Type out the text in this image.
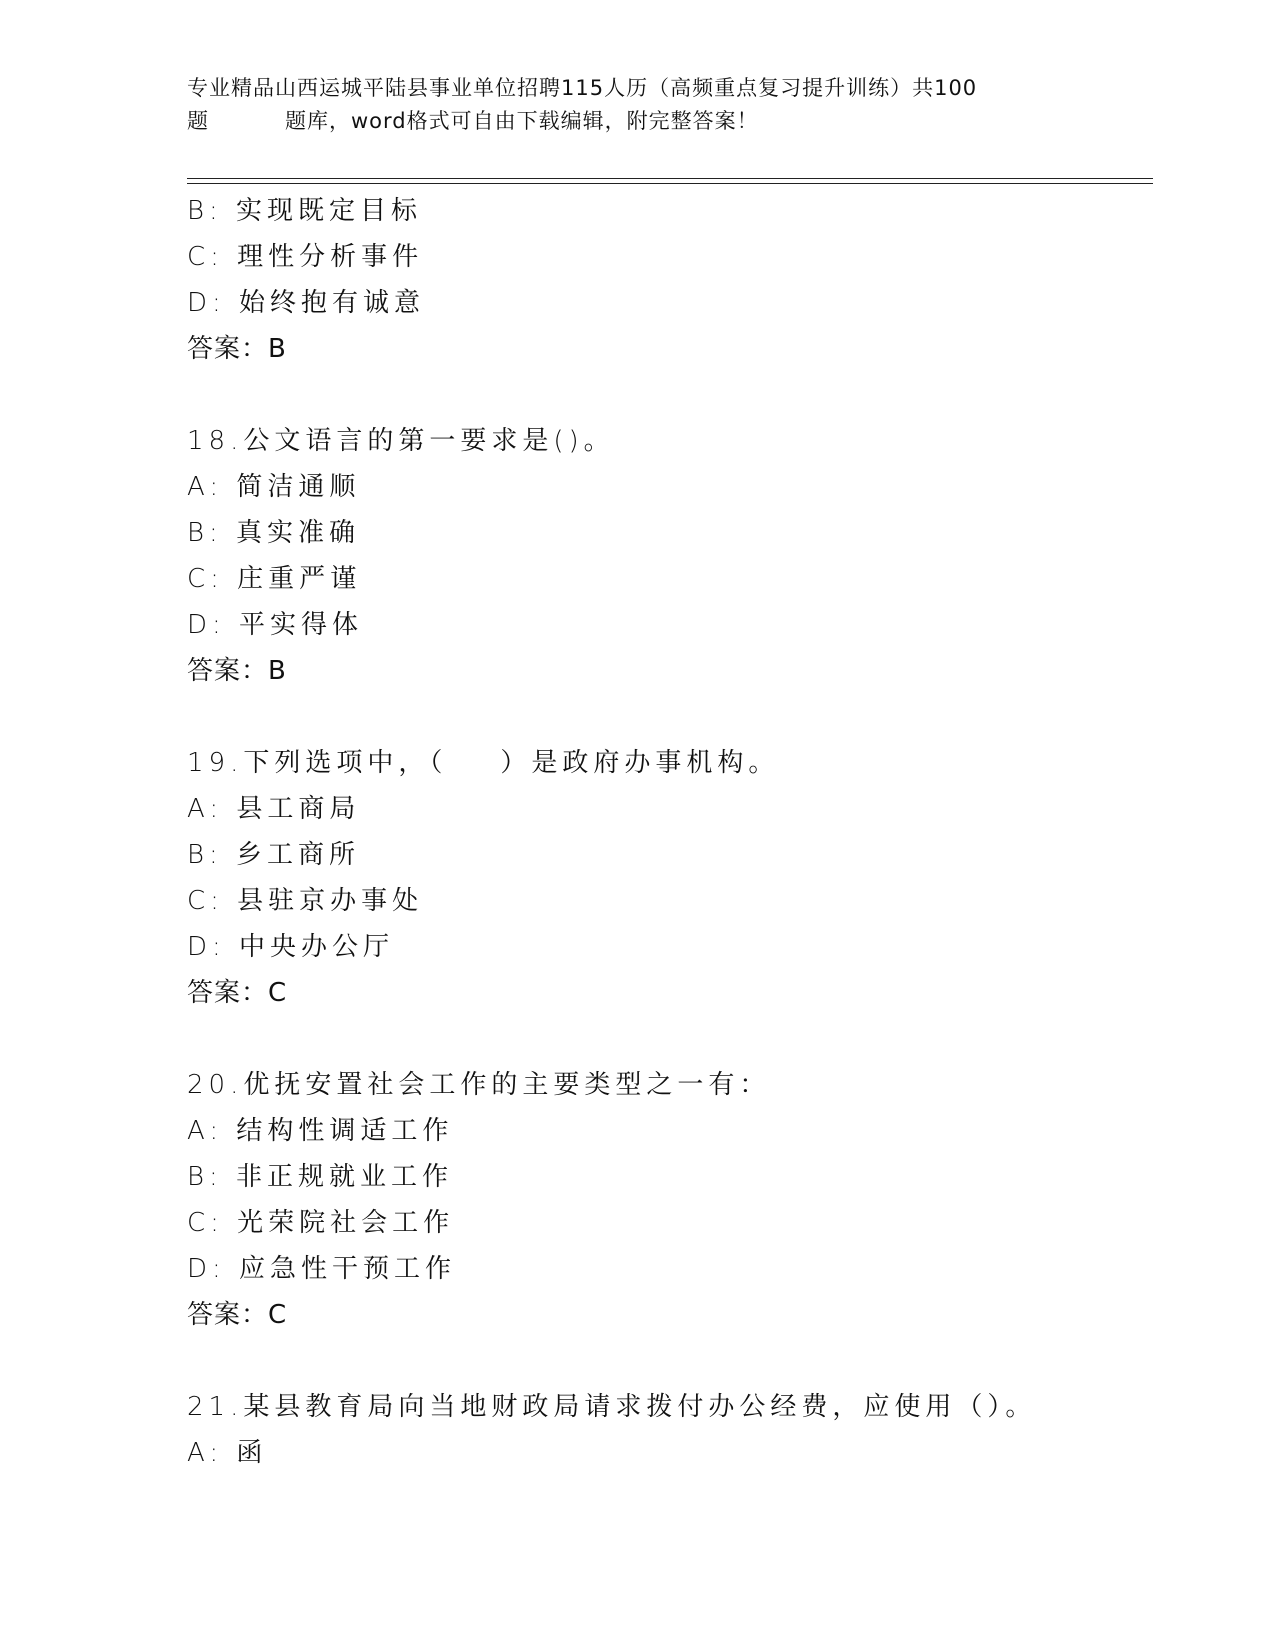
专业精品山西运城平陆县事业单位招聘115人历（高频重点复习提升训练）共100
题	题库，word格式可自由下载编辑，附完整答案！
B: 实现既定目标
C: 理性分析事件
D: 始终抱有诚意
答案：B
18.公文语言的第一要求是()。
A: 简洁通顺
B: 真实准确
C: 庄重严谨
D: 平实得体
答案：B
19.下列选项中，（    ）是政府办事机构。
A: 县工商局
B: 乡工商所
C: 县驻京办事处
D: 中央办公厅
答案：C
20.优抚安置社会工作的主要类型之一有：
A: 结构性调适工作
B: 非正规就业工作
C: 光荣院社会工作
D: 应急性干预工作
答案：C
21.某县教育局向当地财政局请求拨付办公经费，应使用（）。
A: 函
